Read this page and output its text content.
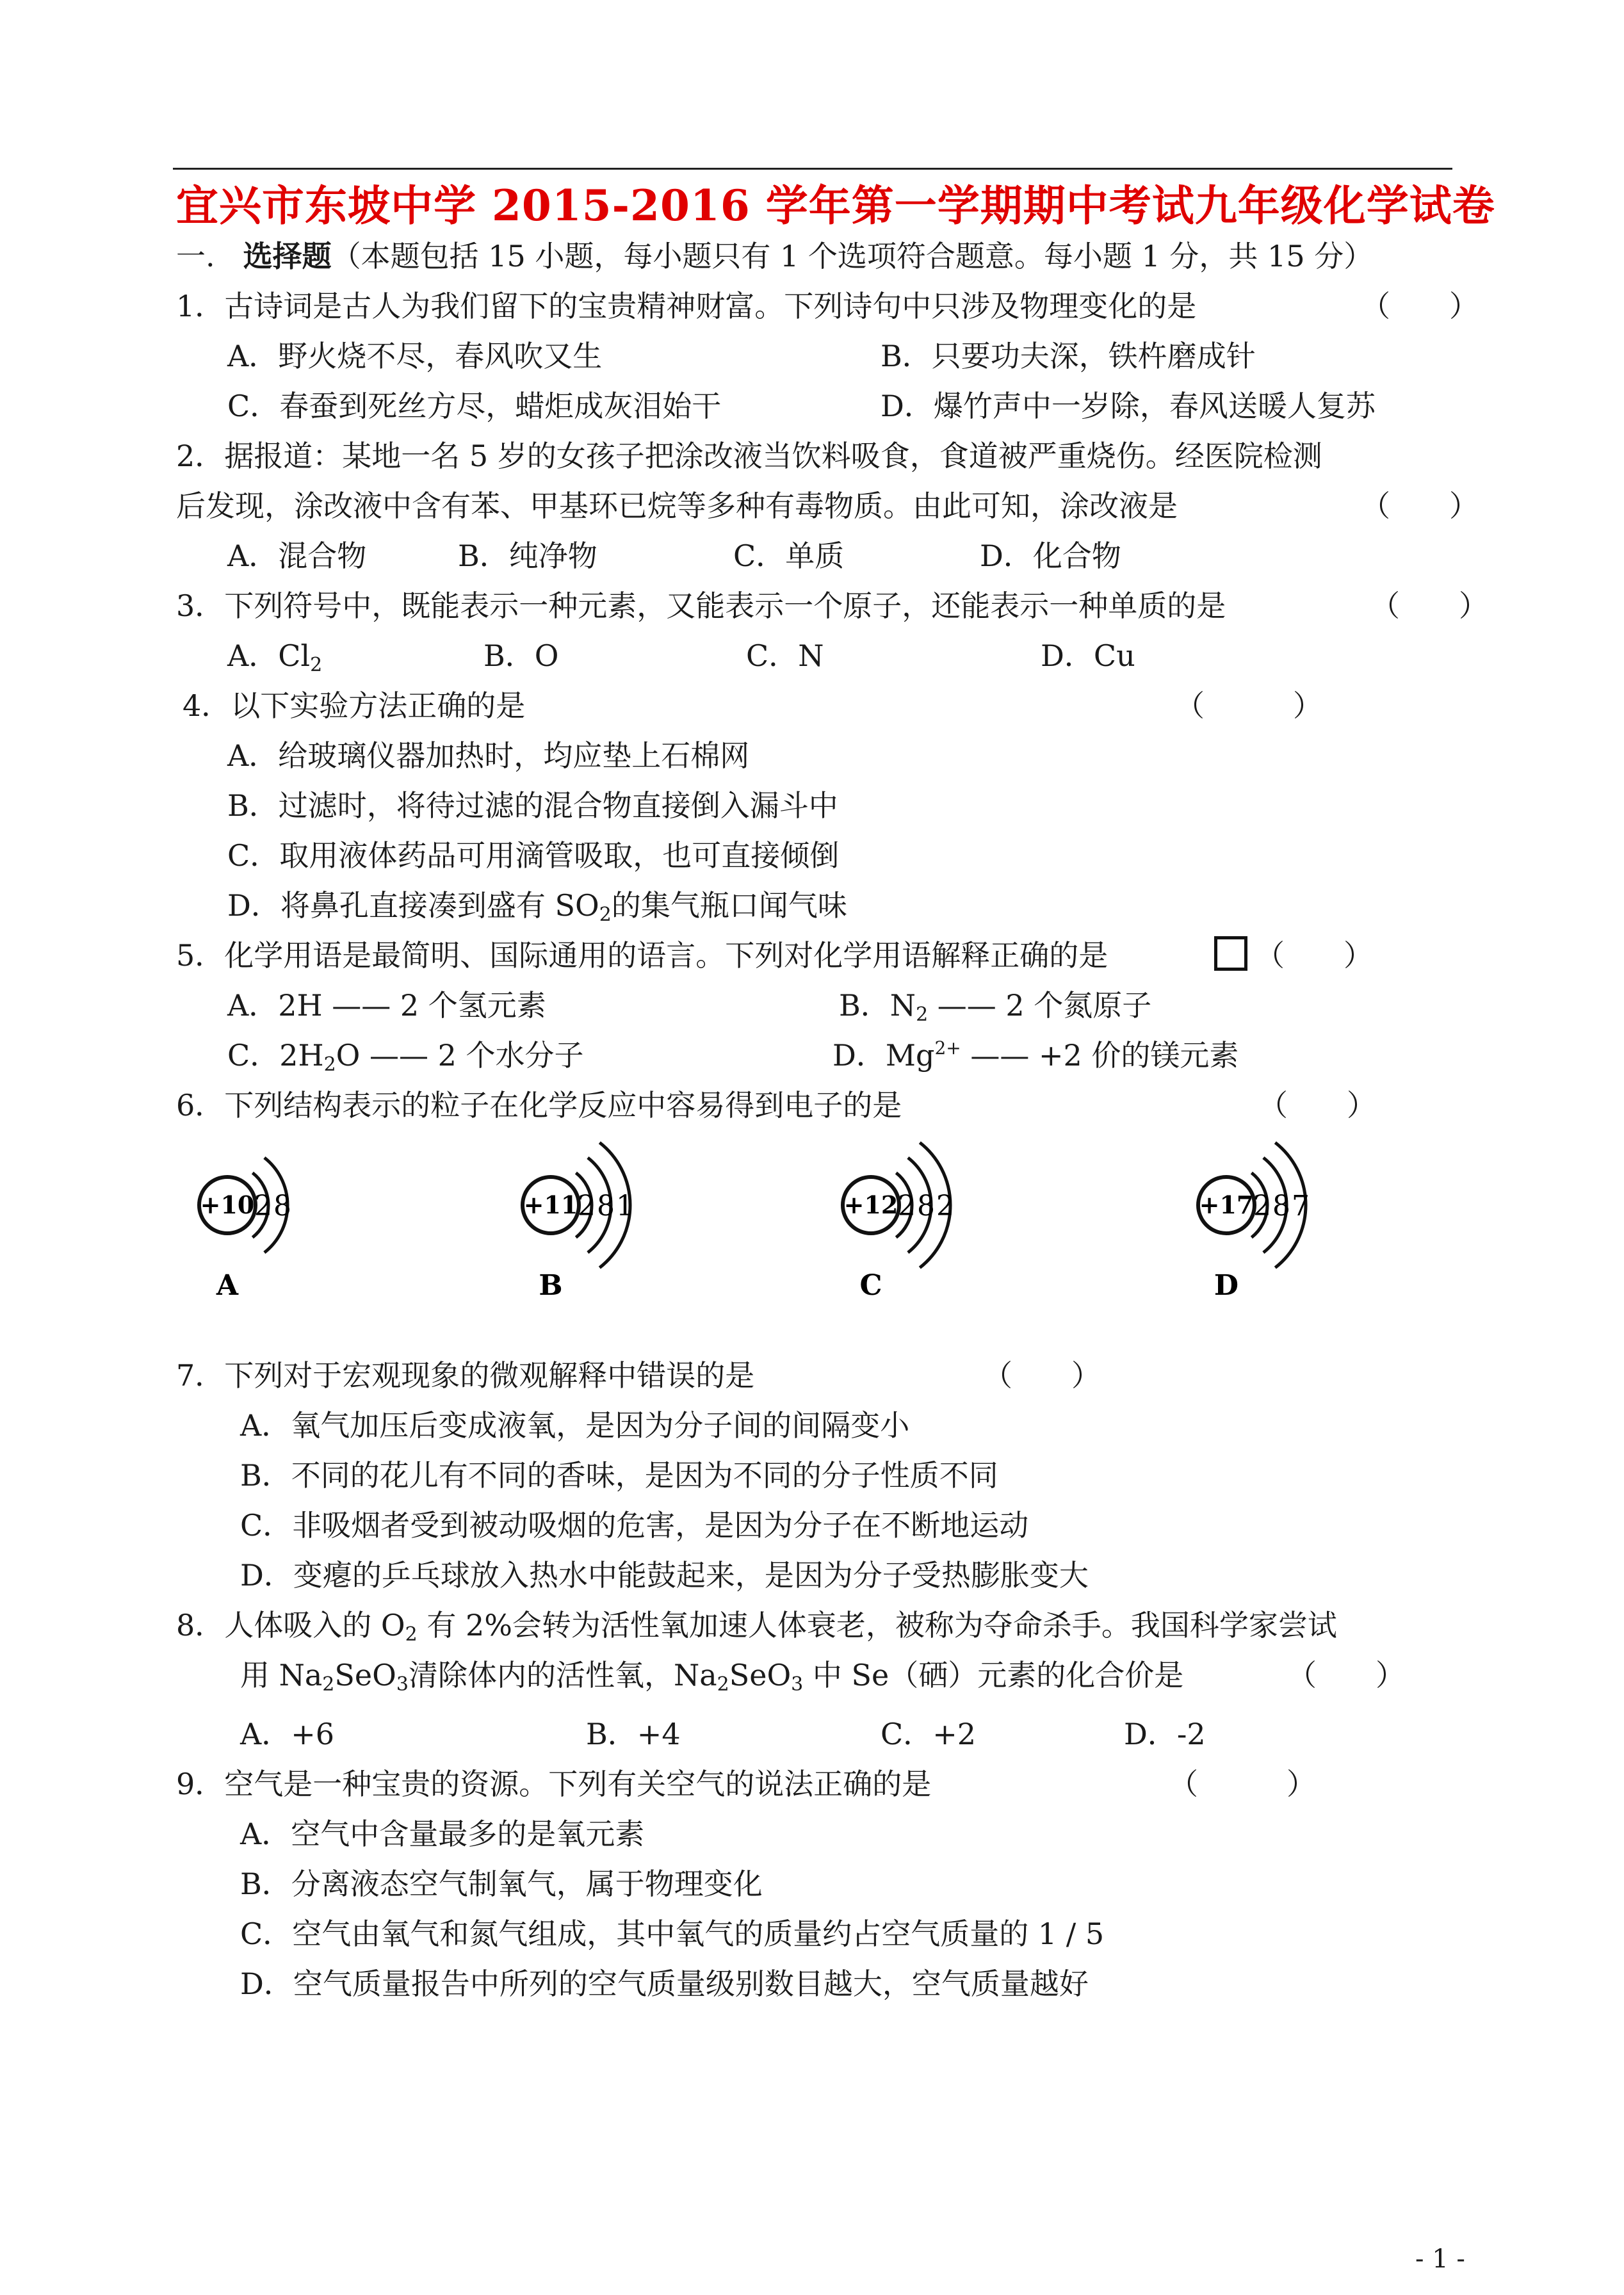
宜兴市东坡中学 2015-2016 学年第一学期期中考试九年级化学试卷
一. 选择题（本题包括 15 小题，每小题只有 1 个选项符合题意。每小题 1 分，共 15 分）
1．古诗词是古人为我们留下的宝贵精神财富。下列诗句中只涉及物理变化的是	（　　）
A．野火烧不尽，春风吹又生	B．只要功夫深，铁杵磨成针
C．春蚕到死丝方尽，蜡炬成灰泪始干	D．爆竹声中一岁除，春风送暖人复苏
2．据报道：某地一名 5 岁的女孩子把涂改液当饮料吸食，食道被严重烧伤。经医院检测
后发现，涂改液中含有苯、甲基环已烷等多种有毒物质。由此可知，涂改液是	（　　）
A．混合物	B．纯净物	C．单质	D．化合物
3．下列符号中，既能表示一种元素，又能表示一个原子，还能表示一种单质的是	（　　）
A．$Cl_2$	B．O	C．N	D．Cu
4．以下实验方法正确的是	（　　　）
A．给玻璃仪器加热时，均应垫上石棉网
B．过滤时，将待过滤的混合物直接倒入漏斗中
C．取用液体药品可用滴管吸取，也可直接倾倒
D．将鼻孔直接凑到盛有 $SO_2$的集气瓶口闻气味
5．化学用语是最简明、国际通用的语言。下列对化学用语解释正确的是	（　　）
A．2H —— 2 个氢元素	B．$N_2$ —— 2 个氮原子
C．$2H_2O$ —— 2 个水分子	D．$Mg^{2+}$ —— +2 价的镁元素
6．下列结构表示的粒子在化学反应中容易得到电子的是	（　　）
+10 2 8
A
+11 2 8 1
B
+12 2 8 2
C
+17 2 8 7
D
7．下列对于宏观现象的微观解释中错误的是	（　　）
A．氧气加压后变成液氧，是因为分子间的间隔变小
B．不同的花儿有不同的香味，是因为不同的分子性质不同
C．非吸烟者受到被动吸烟的危害，是因为分子在不断地运动
D．变瘪的乒乓球放入热水中能鼓起来，是因为分子受热膨胀变大
8．人体吸入的 $O_2$ 有 2%会转为活性氧加速人体衰老，被称为夺命杀手。我国科学家尝试
用 $Na_2SeO_3$清除体内的活性氧，$Na_2SeO_3$ 中 Se（硒）元素的化合价是	（　　）
A．+6	B．+4	C．+2	D．-2
9．空气是一种宝贵的资源。下列有关空气的说法正确的是	（　　　）
A．空气中含量最多的是氧元素
B．分离液态空气制氧气，属于物理变化
C．空气由氧气和氮气组成，其中氧气的质量约占空气质量的 1 / 5
D．空气质量报告中所列的空气质量级别数目越大，空气质量越好
- 1 -
